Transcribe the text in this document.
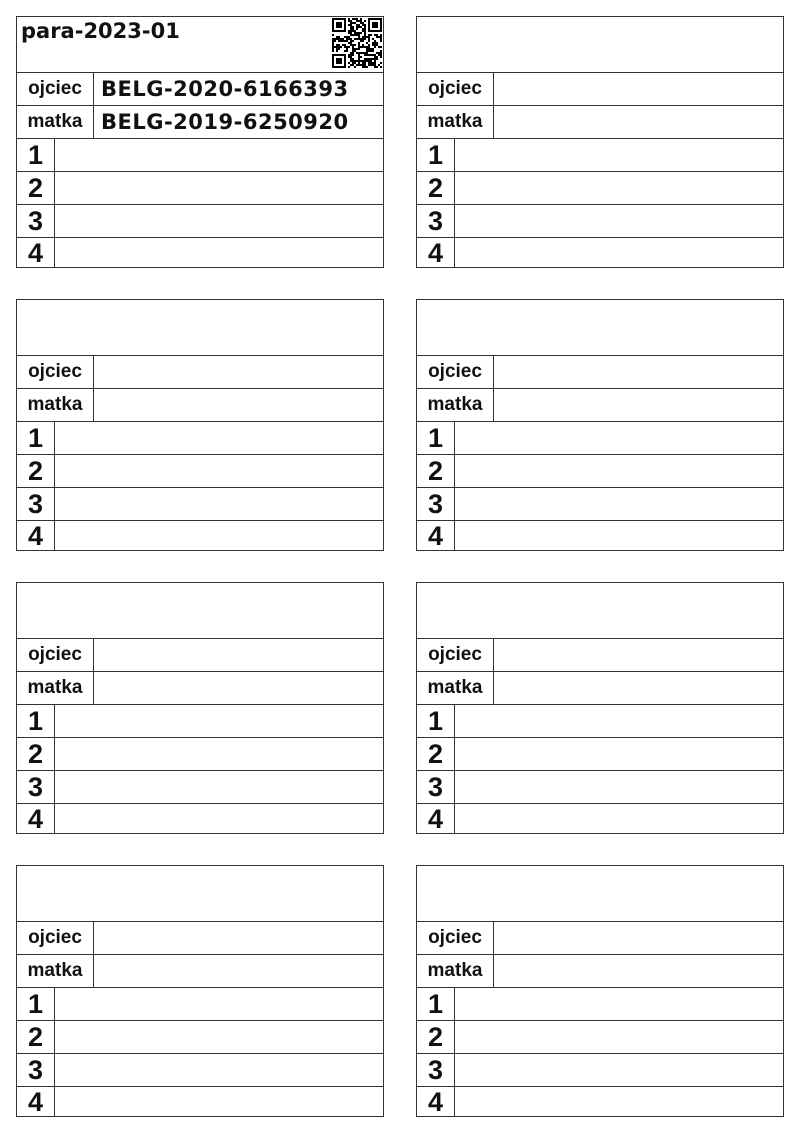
para-2023-01
ojciec BELG-2020-6166393
matka BELG-2019-6250920
1
2
3
4
ojciec
matka
1
2
3
4
ojciec
matka
1
2
3
4
ojciec
matka
1
2
3
4
ojciec
matka
1
2
3
4
ojciec
matka
1
2
3
4
ojciec
matka
1
2
3
4
ojciec
matka
1
2
3
4
